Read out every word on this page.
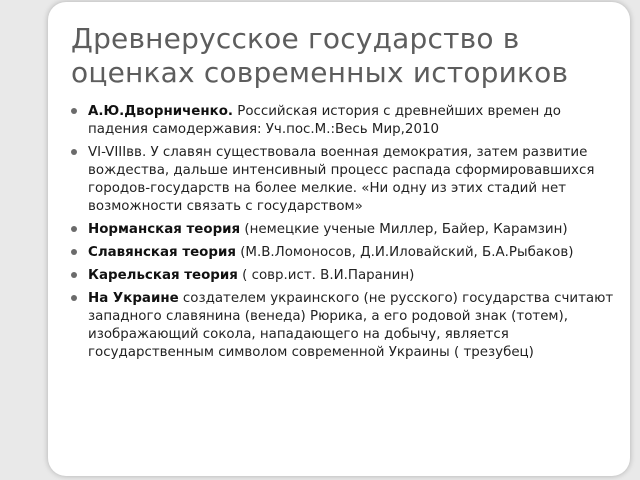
Древнерусское государство в
оценках современных историков
А.Ю.Дворниченко. Российская история с древнейших времен до падения самодержавия: Уч.пос.М.:Весь Мир,2010
VI-VIIIвв. У славян существовала военная демократия, затем развитие вождества, дальше интенсивный процесс распада сформировавшихся городов-государств на более мелкие. «Ни одну из этих стадий нет возможности связать с государством»
Норманская теория (немецкие ученые Миллер, Байер, Карамзин)
Славянская теория (М.В.Ломоносов, Д.И.Иловайский, Б.А.Рыбаков)
Карельская теория ( совр.ист. В.И.Паранин)
На Украине создателем украинского (не русского) государства считают западного славянина (венеда) Рюрика, а его родовой знак (тотем), изображающий сокола, нападающего на добычу, является государственным символом современной Украины ( трезубец)
